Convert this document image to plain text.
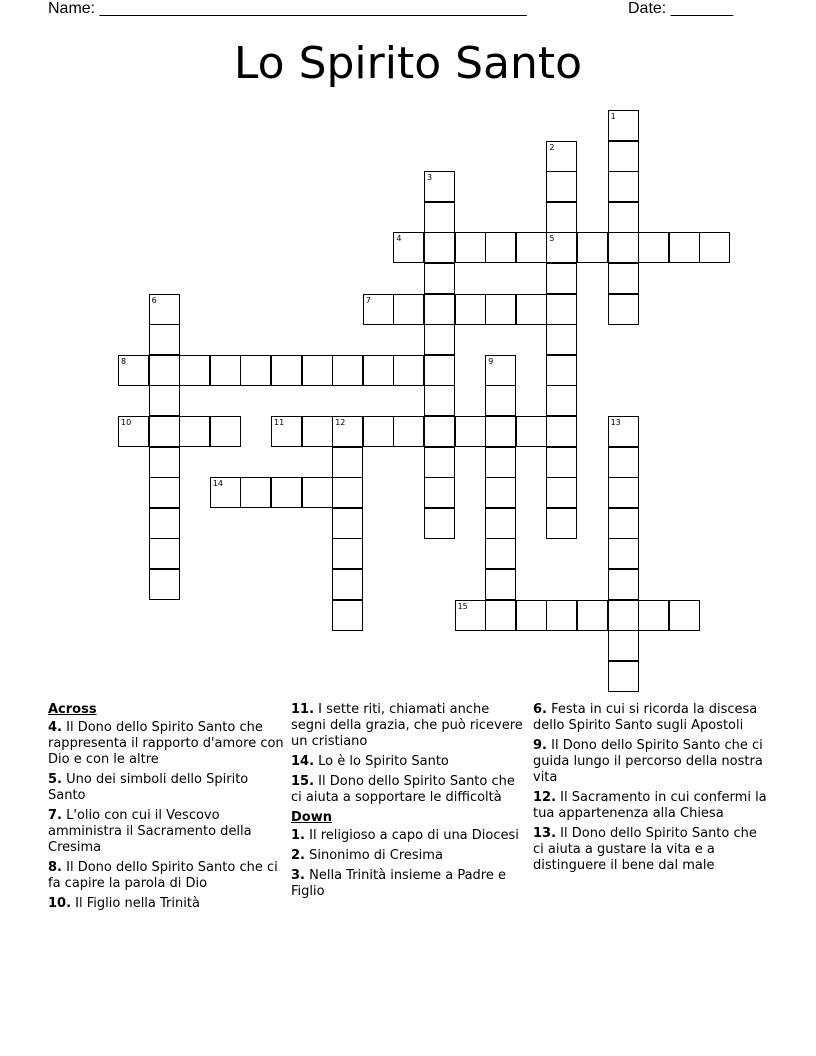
Name: ________________________________________________	Date: _______
Lo Spirito Santo
1
2
5
3
4
6	7
8	9
10	11	12	13
14
15
Across
4. Il Dono dello Spirito Santo che rappresenta il rapporto d'amore con Dio e con le altre
5. Uno dei simboli dello Spirito Santo
7. L'olio con cui il Vescovo amministra il Sacramento della Cresima
8. Il Dono dello Spirito Santo che ci fa capire la parola di Dio
10. Il Figlio nella Trinità
11. I sette riti, chiamati anche segni della grazia, che può ricevere un cristiano
14. Lo è lo Spirito Santo
15. Il Dono dello Spirito Santo che ci aiuta a sopportare le difficoltà
Down
1. Il religioso a capo di una Diocesi
2. Sinonimo di Cresima
3. Nella Trinità insieme a Padre e Figlio
6. Festa in cui si ricorda la discesa dello Spirito Santo sugli Apostoli
9. Il Dono dello Spirito Santo che ci guida lungo il percorso della nostra vita
12. Il Sacramento in cui confermi la tua appartenenza alla Chiesa
13. Il Dono dello Spirito Santo che ci aiuta a gustare la vita e a distinguere il bene dal male
